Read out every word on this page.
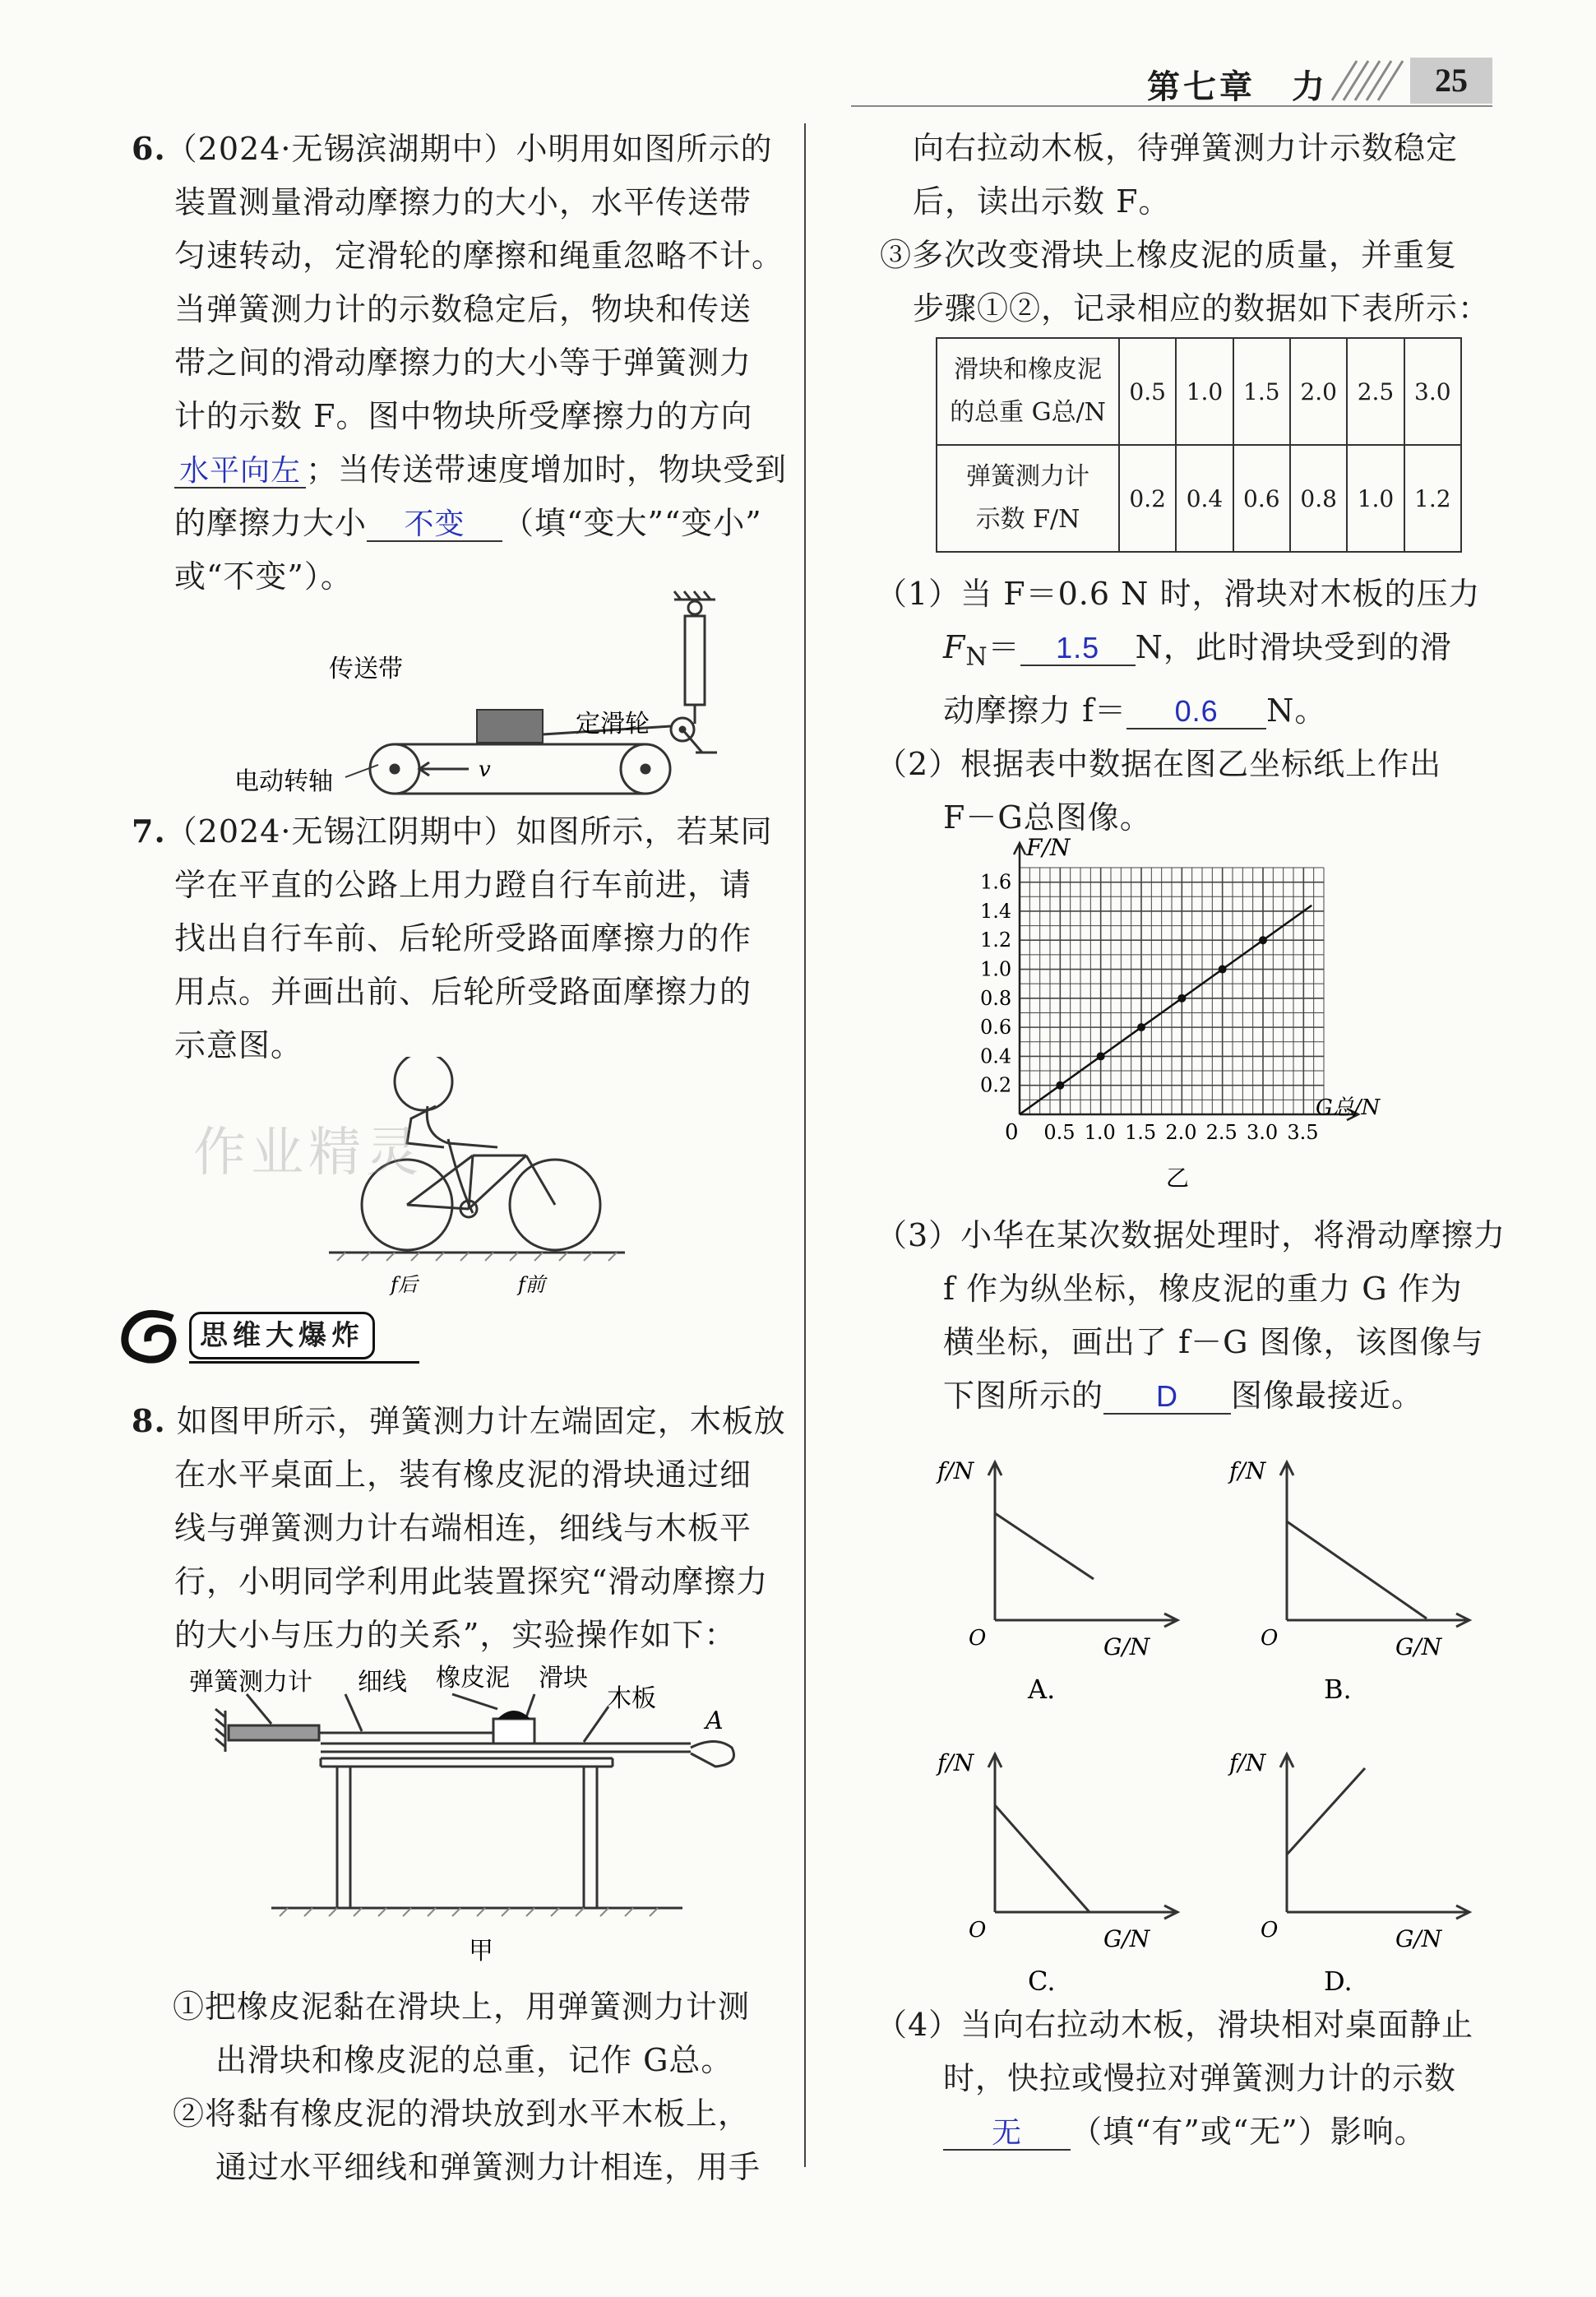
第七章　力	25
6.（2024·无锡滨湖期中）小明用如图所示的
装置测量滑动摩擦力的大小，水平传送带
匀速转动，定滑轮的摩擦和绳重忽略不计。
当弹簧测力计的示数稳定后，物块和传送
带之间的滑动摩擦力的大小等于弹簧测力
计的示数 F。图中物块所受摩擦力的方向
水平向左 ；当传送带速度增加时，物块受到
的摩擦力大小 不变 （填“变大”“变小”
或“不变”）。
传送带
定滑轮
电动转轴	v
7.（2024·无锡江阴期中）如图所示，若某同
学在平直的公路上用力蹬自行车前进，请
找出自行车前、后轮所受路面摩擦力的作
用点。并画出前、后轮所受路面摩擦力的
示意图。
f后	f前
作业精灵
思维大爆炸
8. 如图甲所示，弹簧测力计左端固定，木板放
在水平桌面上，装有橡皮泥的滑块通过细
线与弹簧测力计右端相连，细线与木板平
行，小明同学利用此装置探究“滑动摩擦力
的大小与压力的关系”，实验操作如下：
弹簧测力计 细线 橡皮泥 滑块
木板
A
甲
①把橡皮泥黏在滑块上，用弹簧测力计测
出滑块和橡皮泥的总重，记作 G总。
②将黏有橡皮泥的滑块放到水平木板上，
通过水平细线和弹簧测力计相连，用手
向右拉动木板，待弹簧测力计示数稳定
后，读出示数 F。
③多次改变滑块上橡皮泥的质量，并重复
步骤①②，记录相应的数据如下表所示：
滑块和橡皮泥
的总重 G总/N	0.5	1.0	1.5	2.0	2.5	3.0

弹簧测力计
示数 F/N	0.2	0.4	0.6	0.8	1.0	1.2
（1）当 F＝0.6 N 时，滑块对木板的压力
$F_N= 1.5$ N，此时滑块受到的滑
动摩擦力 f＝ 0.6 N。
（2）根据表中数据在图乙坐标纸上作出
F－G总图像。
0.5 1.0 1.5 2.0 2.5 3.0 3.5
0.2
0.4
0.6
0.8
1.0
1.2
1.4
1.6
F/N
G总/N
0
乙
（3）小华在某次数据处理时，将滑动摩擦力
f 作为纵坐标，橡皮泥的重力 G 作为
横坐标，画出了 f－G 图像，该图像与
下图所示的 D 图像最接近。
f/N
O	G/N
A.
f/N
O	G/N
B.
f/N
O	G/N
C.
f/N
O	G/N
D.
（4）当向右拉动木板，滑块相对桌面静止
时，快拉或慢拉对弹簧测力计的示数
无 （填“有”或“无”）影响。
